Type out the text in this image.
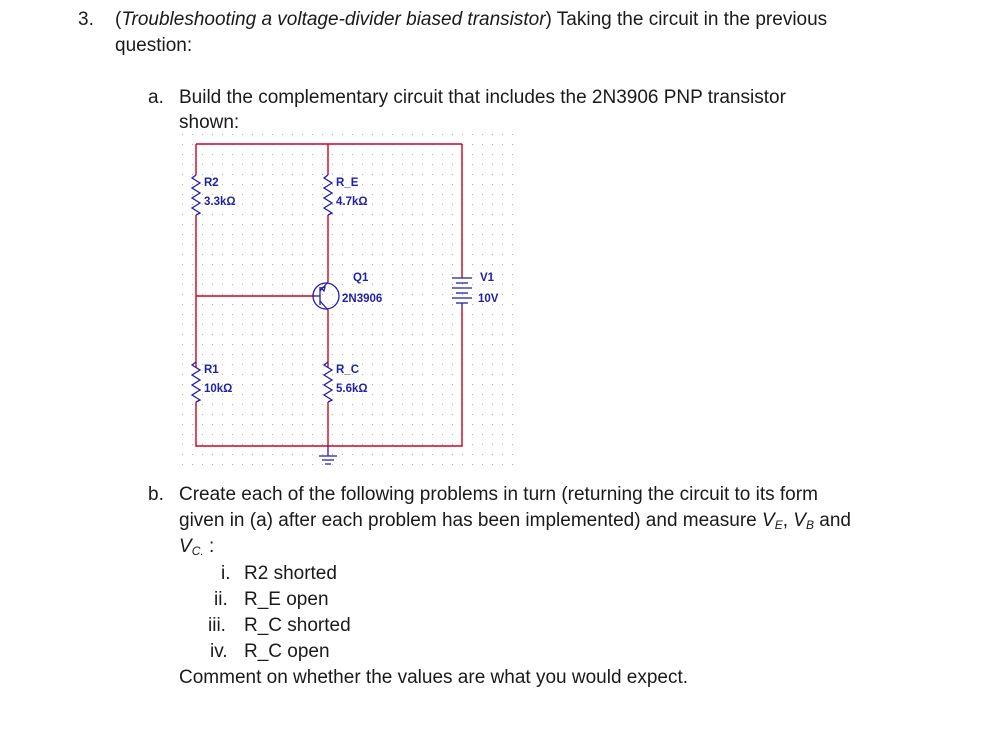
3. (Troubleshooting a voltage-divider biased transistor) Taking the circuit in the previous
question:
a. Build the complementary circuit that includes the 2N3906 PNP transistor
shown:
R2
3.3kΩ
R_E
4.7kΩ
Q1
2N3906
V1
10V
R1
10kΩ
R_C
5.6kΩ
b. Create each of the following problems in turn (returning the circuit to its form
given in (a) after each problem has been implemented) and measure $V_E$, $V_B$ and
$V_{C.}$ :
i. R2 shorted
ii. R_E open
iii. R_C shorted
iv. R_C open
Comment on whether the values are what you would expect.
